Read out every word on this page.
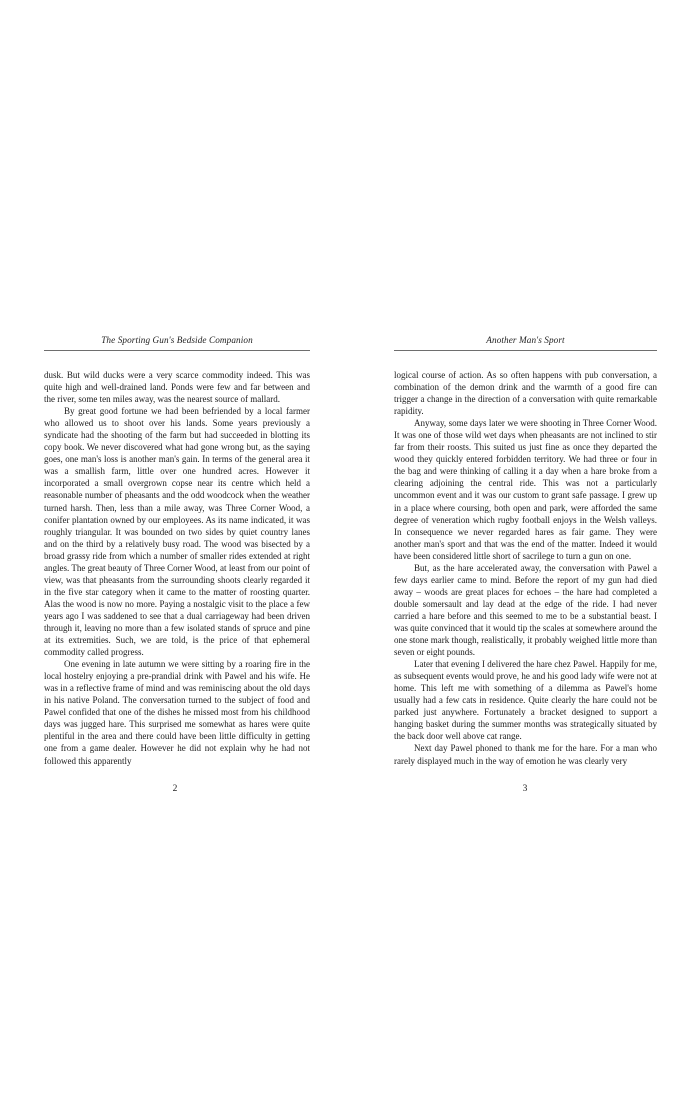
The Sporting Gun's Bedside Companion

dusk. But wild ducks were a very scarce commodity indeed. This was quite high and well-drained land. Ponds were few and far between and the river, some ten miles away, was the nearest source of mallard.

By great good fortune we had been befriended by a local farmer who allowed us to shoot over his lands. Some years previously a syndicate had the shooting of the farm but had succeeded in blotting its copy book. We never discovered what had gone wrong but, as the saying goes, one man's loss is another man's gain. In terms of the general area it was a smallish farm, little over one hundred acres. However it incorporated a small overgrown copse near its centre which held a reasonable number of pheasants and the odd woodcock when the weather turned harsh. Then, less than a mile away, was Three Corner Wood, a conifer plantation owned by our employees. As its name indicated, it was roughly triangular. It was bounded on two sides by quiet country lanes and on the third by a relatively busy road. The wood was bisected by a broad grassy ride from which a number of smaller rides extended at right angles. The great beauty of Three Corner Wood, at least from our point of view, was that pheasants from the surrounding shoots clearly regarded it in the five star category when it came to the matter of roosting quarter. Alas the wood is now no more. Paying a nostalgic visit to the place a few years ago I was saddened to see that a dual carriageway had been driven through it, leaving no more than a few isolated stands of spruce and pine at its extremities. Such, we are told, is the price of that ephemeral commodity called progress.

One evening in late autumn we were sitting by a roaring fire in the local hostelry enjoying a pre-prandial drink with Pawel and his wife. He was in a reflective frame of mind and was reminiscing about the old days in his native Poland. The conversation turned to the subject of food and Pawel confided that one of the dishes he missed most from his childhood days was jugged hare. This surprised me somewhat as hares were quite plentiful in the area and there could have been little difficulty in getting one from a game dealer. However he did not explain why he had not followed this apparently

Another Man's Sport

logical course of action. As so often happens with pub conversation, a combination of the demon drink and the warmth of a good fire can trigger a change in the direction of a conversation with quite remarkable rapidity.

Anyway, some days later we were shooting in Three Corner Wood. It was one of those wild wet days when pheasants are not inclined to stir far from their roosts. This suited us just fine as once they departed the wood they quickly entered forbidden territory. We had three or four in the bag and were thinking of calling it a day when a hare broke from a clearing adjoining the central ride. This was not a particularly uncommon event and it was our custom to grant safe passage. I grew up in a place where coursing, both open and park, were afforded the same degree of veneration which rugby football enjoys in the Welsh valleys. In consequence we never regarded hares as fair game. They were another man's sport and that was the end of the matter. Indeed it would have been considered little short of sacrilege to turn a gun on one.

But, as the hare accelerated away, the conversation with Pawel a few days earlier came to mind. Before the report of my gun had died away – woods are great places for echoes – the hare had completed a double somersault and lay dead at the edge of the ride. I had never carried a hare before and this seemed to me to be a substantial beast. I was quite convinced that it would tip the scales at somewhere around the one stone mark though, realistically, it probably weighed little more than seven or eight pounds.

Later that evening I delivered the hare chez Pawel. Happily for me, as subsequent events would prove, he and his good lady wife were not at home. This left me with something of a dilemma as Pawel's home usually had a few cats in residence. Quite clearly the hare could not be parked just anywhere. Fortunately a bracket designed to support a hanging basket during the summer months was strategically situated by the back door well above cat range.

Next day Pawel phoned to thank me for the hare. For a man who rarely displayed much in the way of emotion he was clearly very

2	3
